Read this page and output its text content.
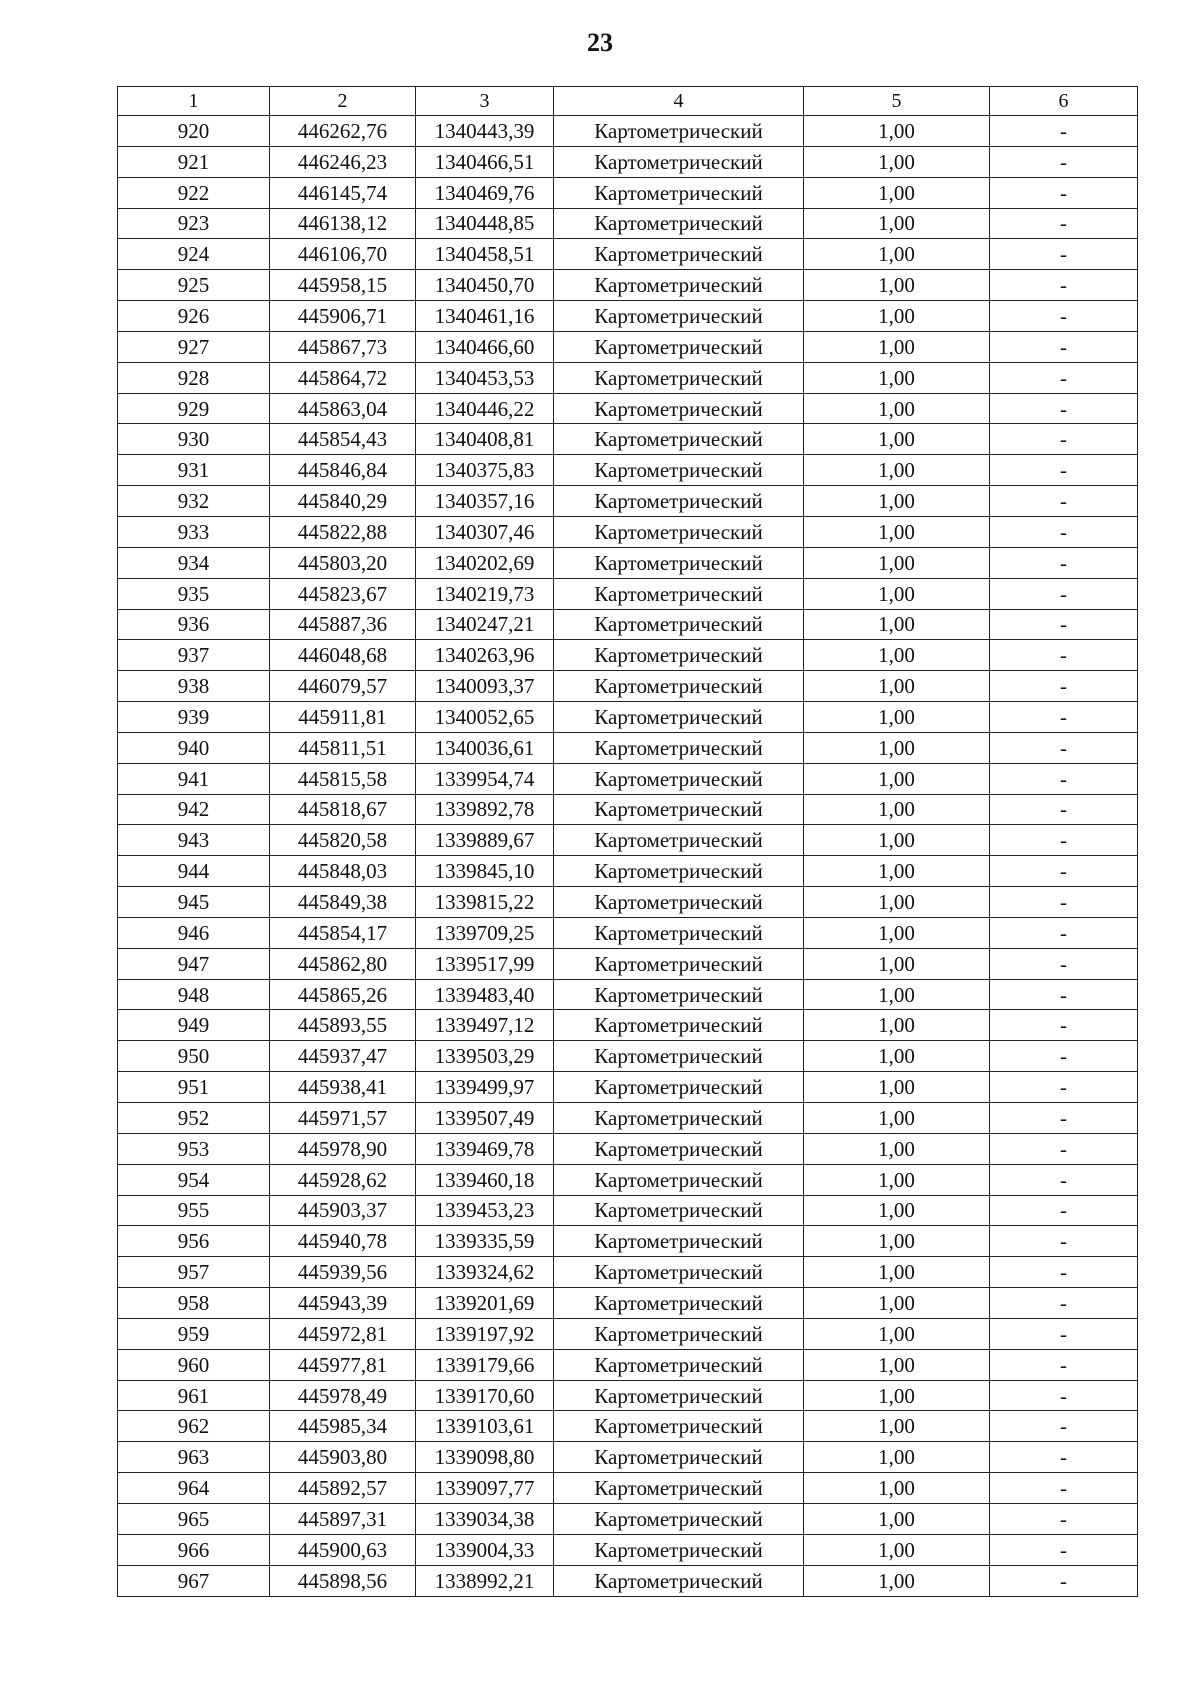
23
1	2	3	4	5	6
920	446262,76	1340443,39	Картометрический	1,00	-
921	446246,23	1340466,51	Картометрический	1,00	-
922	446145,74	1340469,76	Картометрический	1,00	-
923	446138,12	1340448,85	Картометрический	1,00	-
924	446106,70	1340458,51	Картометрический	1,00	-
925	445958,15	1340450,70	Картометрический	1,00	-
926	445906,71	1340461,16	Картометрический	1,00	-
927	445867,73	1340466,60	Картометрический	1,00	-
928	445864,72	1340453,53	Картометрический	1,00	-
929	445863,04	1340446,22	Картометрический	1,00	-
930	445854,43	1340408,81	Картометрический	1,00	-
931	445846,84	1340375,83	Картометрический	1,00	-
932	445840,29	1340357,16	Картометрический	1,00	-
933	445822,88	1340307,46	Картометрический	1,00	-
934	445803,20	1340202,69	Картометрический	1,00	-
935	445823,67	1340219,73	Картометрический	1,00	-
936	445887,36	1340247,21	Картометрический	1,00	-
937	446048,68	1340263,96	Картометрический	1,00	-
938	446079,57	1340093,37	Картометрический	1,00	-
939	445911,81	1340052,65	Картометрический	1,00	-
940	445811,51	1340036,61	Картометрический	1,00	-
941	445815,58	1339954,74	Картометрический	1,00	-
942	445818,67	1339892,78	Картометрический	1,00	-
943	445820,58	1339889,67	Картометрический	1,00	-
944	445848,03	1339845,10	Картометрический	1,00	-
945	445849,38	1339815,22	Картометрический	1,00	-
946	445854,17	1339709,25	Картометрический	1,00	-
947	445862,80	1339517,99	Картометрический	1,00	-
948	445865,26	1339483,40	Картометрический	1,00	-
949	445893,55	1339497,12	Картометрический	1,00	-
950	445937,47	1339503,29	Картометрический	1,00	-
951	445938,41	1339499,97	Картометрический	1,00	-
952	445971,57	1339507,49	Картометрический	1,00	-
953	445978,90	1339469,78	Картометрический	1,00	-
954	445928,62	1339460,18	Картометрический	1,00	-
955	445903,37	1339453,23	Картометрический	1,00	-
956	445940,78	1339335,59	Картометрический	1,00	-
957	445939,56	1339324,62	Картометрический	1,00	-
958	445943,39	1339201,69	Картометрический	1,00	-
959	445972,81	1339197,92	Картометрический	1,00	-
960	445977,81	1339179,66	Картометрический	1,00	-
961	445978,49	1339170,60	Картометрический	1,00	-
962	445985,34	1339103,61	Картометрический	1,00	-
963	445903,80	1339098,80	Картометрический	1,00	-
964	445892,57	1339097,77	Картометрический	1,00	-
965	445897,31	1339034,38	Картометрический	1,00	-
966	445900,63	1339004,33	Картометрический	1,00	-
967	445898,56	1338992,21	Картометрический	1,00	-
